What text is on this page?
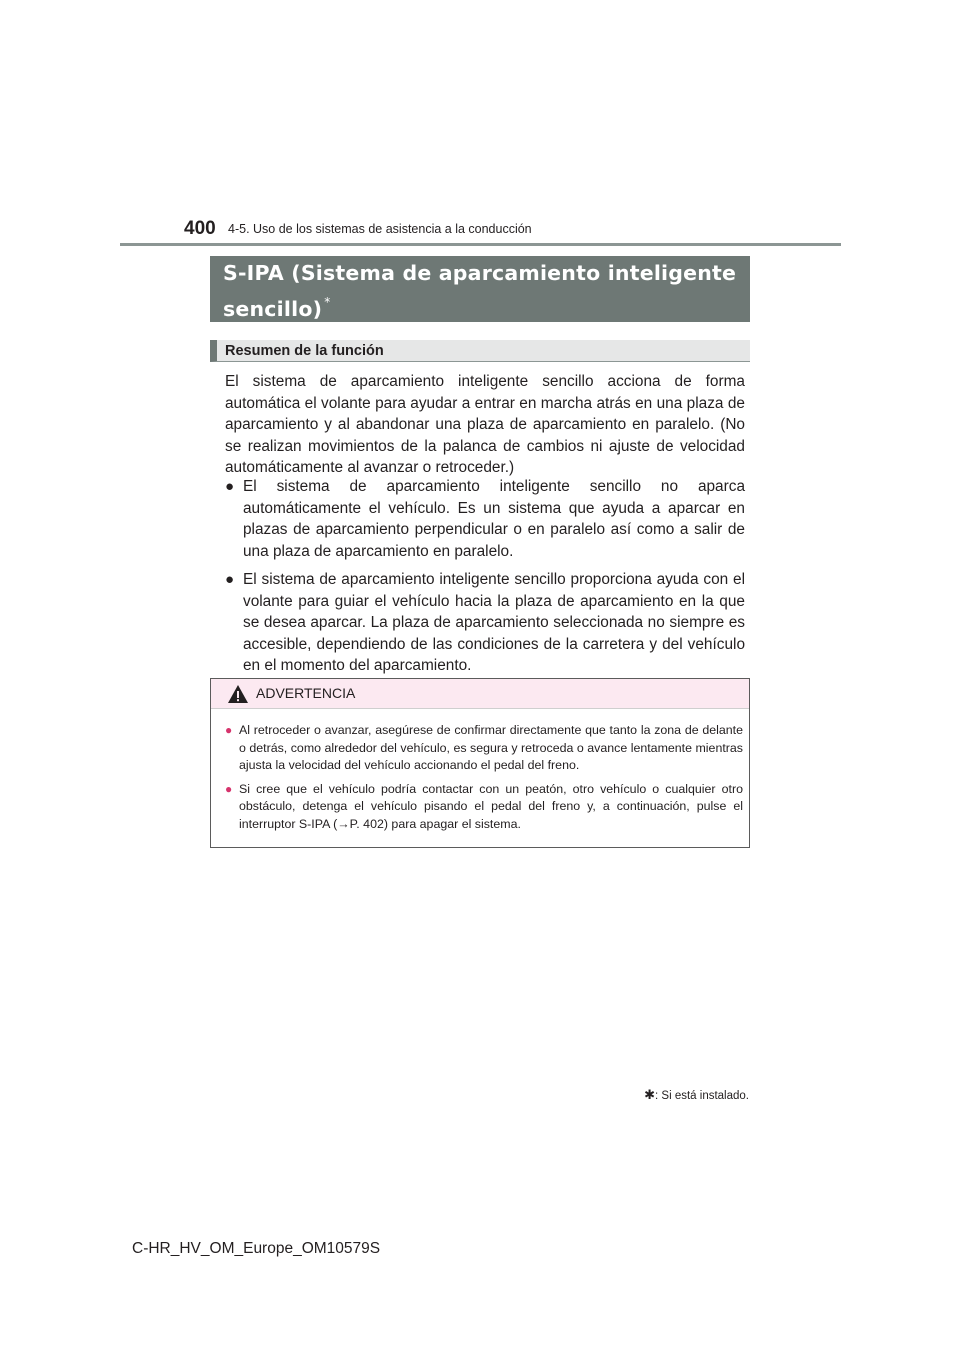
400 4-5. Uso de los sistemas de asistencia a la conducción
S-IPA (Sistema de aparcamiento inteligente
sencillo) *
Resumen de la función

El sistema de aparcamiento inteligente sencillo acciona de forma automática el volante para ayudar a entrar en marcha atrás en una plaza de aparcamiento y al abandonar una plaza de aparcamiento en paralelo. (No se realizan movimientos de la palanca de cambios ni ajuste de velocidad automáticamente al avanzar o retroceder.)

● El sistema de aparcamiento inteligente sencillo no aparca automáticamente el vehículo. Es un sistema que ayuda a aparcar en plazas de aparcamiento perpendicular o en paralelo así como a salir de una plaza de aparcamiento en paralelo.
● El sistema de aparcamiento inteligente sencillo proporciona ayuda con el volante para guiar el vehículo hacia la plaza de aparcamiento en la que se desea aparcar. La plaza de aparcamiento seleccionada no siempre es accesible, dependiendo de las condiciones de la carretera y del vehículo en el momento del aparcamiento.
ADVERTENCIA
● Al retroceder o avanzar, asegúrese de confirmar directamente que tanto la zona de delante o detrás, como alrededor del vehículo, es segura y retroceda o avance lentamente mientras ajusta la velocidad del vehículo accionando el pedal del freno.
● Si cree que el vehículo podría contactar con un peatón, otro vehículo o cualquier otro obstáculo, detenga el vehículo pisando el pedal del freno y, a continuación, pulse el interruptor S-IPA (→P. 402) para apagar el sistema.
✱: Si está instalado.
C-HR_HV_OM_Europe_OM10579S
